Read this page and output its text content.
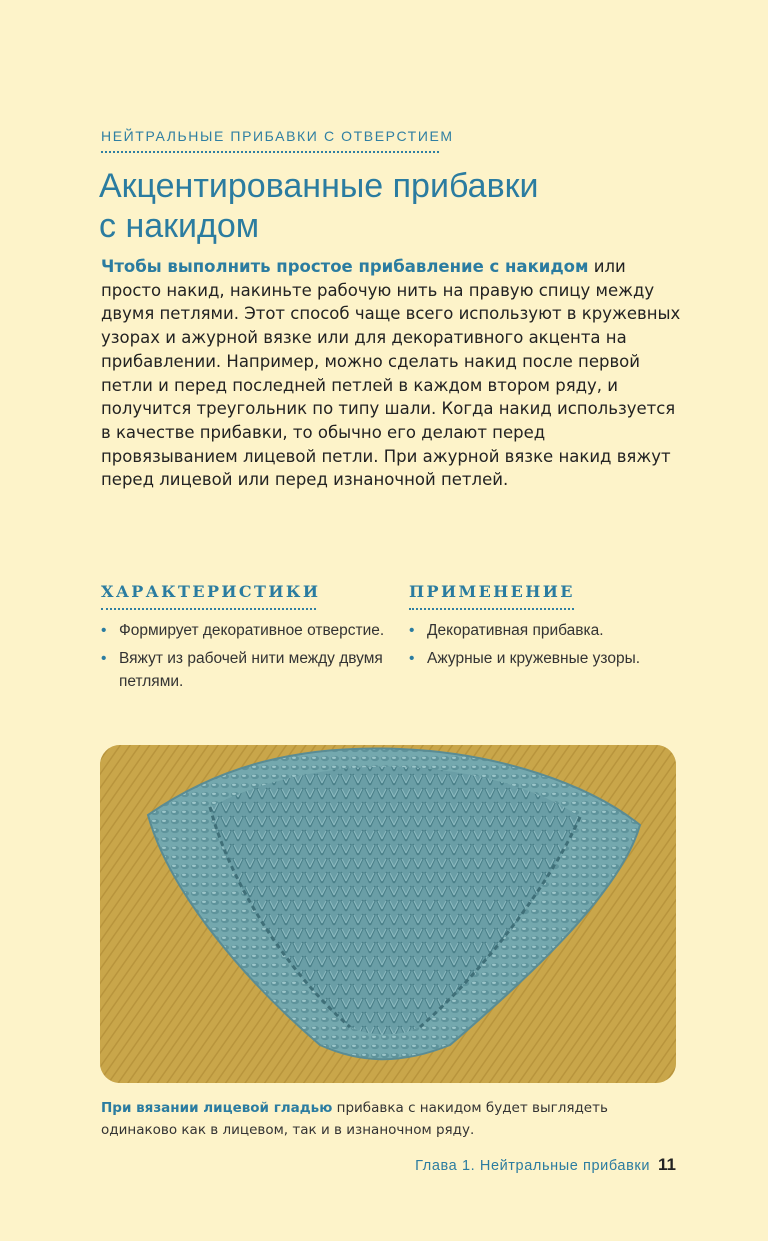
НЕЙТРАЛЬНЫЕ ПРИБАВКИ С ОТВЕРСТИЕМ
Акцентированные прибавки
с накидом

Чтобы выполнить простое прибавление с накидом или просто накид, накиньте рабочую нить на правую спицу между двумя петлями. Этот способ чаще всего используют в кружевных узорах и ажурной вязке или для декоративного акцента на прибавлении. Например, можно сделать накид после первой петли и перед последней петлей в каждом втором ряду, и получится треугольник по типу шали. Когда накид используется в качестве прибавки, то обычно его делают перед провязыванием лицевой петли. При ажурной вязке накид вяжут перед лицевой или перед изнаночной петлей.

ХАРАКТЕРИСТИКИ
• Формирует декоративное отверстие.
• Вяжут из рабочей нити между двумя петлями.
ПРИМЕНЕНИЕ
• Декоративная прибавка.
• Ажурные и кружевные узоры.

При вязании лицевой гладью прибавка с накидом будет выглядеть одинаково как в лицевом, так и в изнаночном ряду.

Глава 1. Нейтральные прибавки 11
